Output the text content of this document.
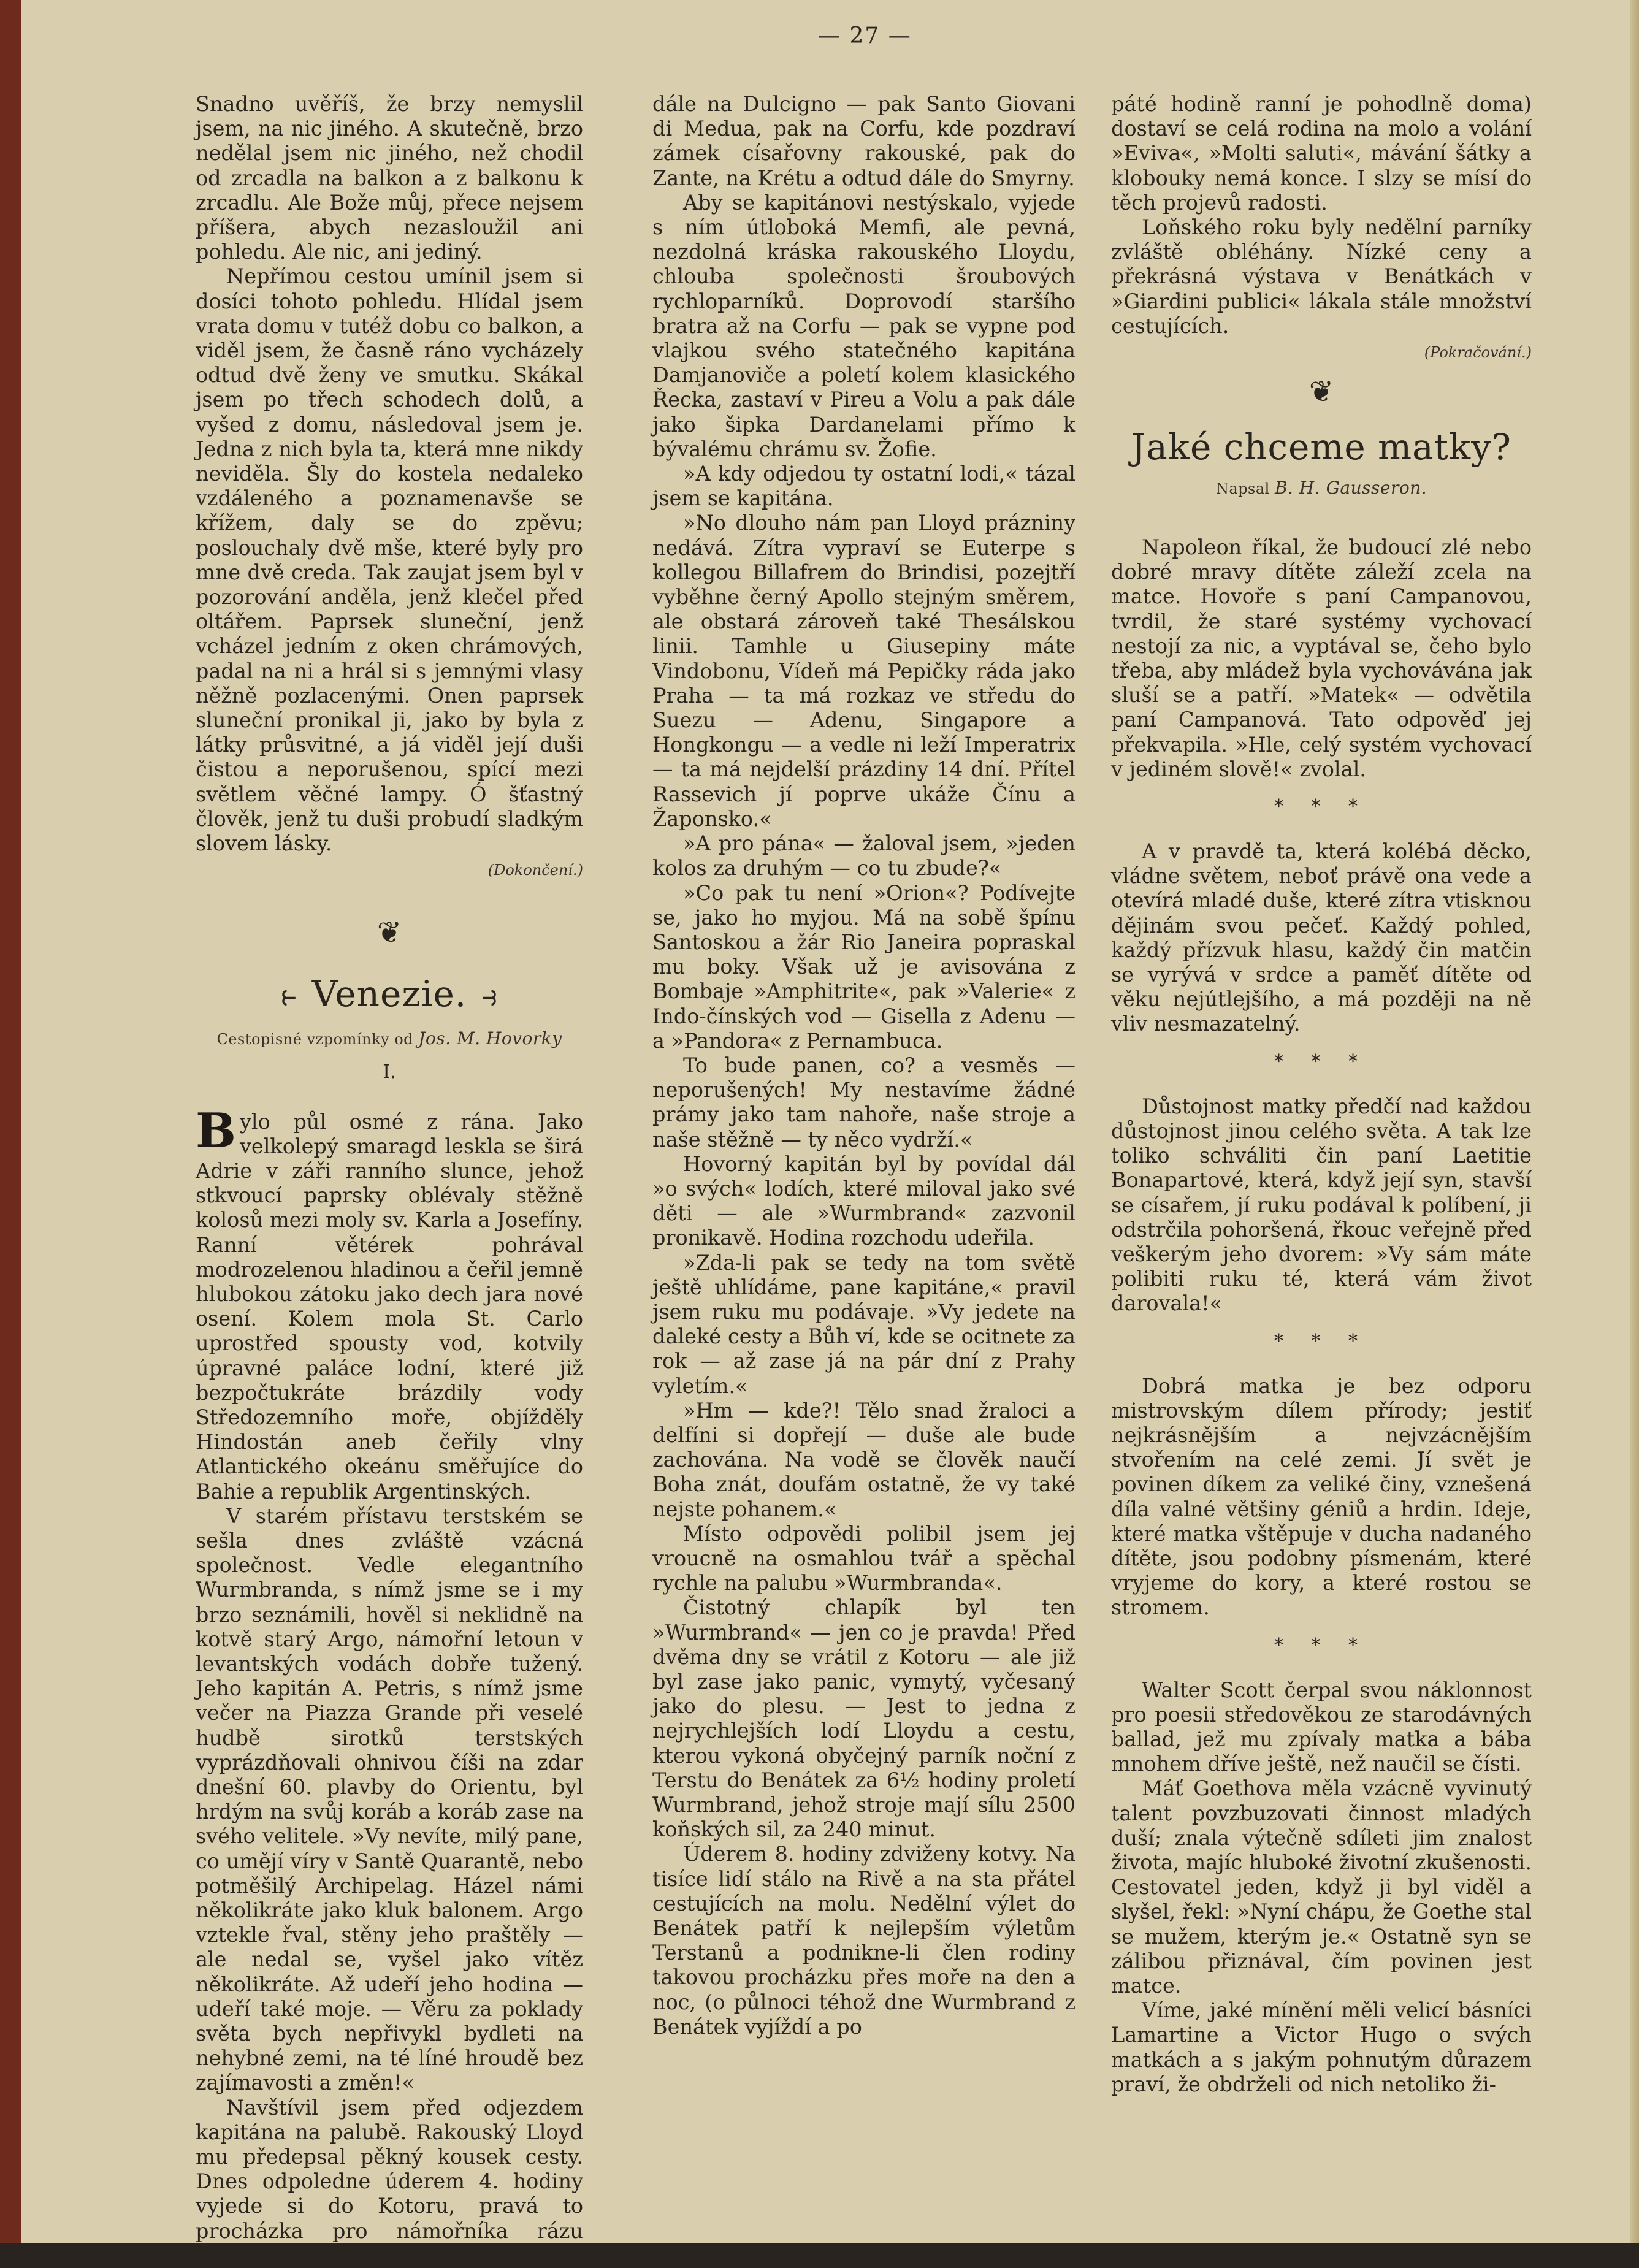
— 27 —

Snadno uvěříš, že brzy nemyslil jsem, na nic jiného. A skutečně, brzo nedělal jsem nic jiného, než chodil od zrcadla na balkon a z balkonu k zrcadlu. Ale Bože můj, přece nejsem příšera, abych nezasloužil ani pohledu. Ale nic, ani jediný.

Nepřímou cestou umínil jsem si dosíci tohoto pohledu. Hlídal jsem vrata domu v tutéž dobu co balkon, a viděl jsem, že časně ráno vycházely odtud dvě ženy ve smutku. Skákal jsem po třech schodech dolů, a vyšed z domu, následoval jsem je. Jedna z nich byla ta, která mne nikdy neviděla. Šly do kostela nedaleko vzdáleného a poznamenavše se křížem, daly se do zpěvu; poslouchaly dvě mše, které byly pro mne dvě creda. Tak zaujat jsem byl v pozorování anděla, jenž klečel před oltářem. Paprsek sluneční, jenž vcházel jedním z oken chrámových, padal na ni a hrál si s jemnými vlasy něžně pozlacenými. Onen paprsek sluneční pronikal ji, jako by byla z látky průsvitné, a já viděl její duši čistou a neporušenou, spící mezi světlem věčné lampy. Ó šťastný člověk, jenž tu duši probudí sladkým slovem lásky.

(Dokončení.)
❦
⥼ Venezie. ⥽
Cestopisné vzpomínky od Jos. M. Hovorky
I.

Bylo půl osmé z rána. Jako velkolepý smaragd leskla se širá Adrie v záři ranního slunce, jehož stkvoucí paprsky oblévaly stěžně kolosů mezi moly sv. Karla a Josefíny. Ranní větérek pohrával modrozelenou hladinou a čeřil jemně hlubokou zátoku jako dech jara nové osení. Kolem mola St. Carlo uprostřed spousty vod, kotvily úpravné paláce lodní, které již bezpočtukráte brázdily vody Středozemního moře, objížděly Hindostán aneb čeřily vlny Atlantického okeánu směřujíce do Bahie a republik Argentinských.

V starém přístavu terstském se sešla dnes zvláště vzácná společnost. Vedle elegantního Wurmbranda, s nímž jsme se i my brzo seznámili, hověl si neklidně na kotvě starý Argo, námořní letoun v levantských vodách dobře tužený. Jeho kapitán A. Petris, s nímž jsme večer na Piazza Grande při veselé hudbě sirotků terstských vyprázdňovali ohnivou číši na zdar dnešní 60. plavby do Orientu, byl hrdým na svůj koráb a koráb zase na svého velitele. »Vy nevíte, milý pane, co umějí víry v Santě Quarantě, nebo potměšilý Archipelag. Házel námi několikráte jako kluk balonem. Argo vztekle řval, stěny jeho praštěly — ale nedal se, vyšel jako vítěz několikráte. Až udeří jeho hodina — udeří také moje. — Věru za poklady světa bych nepřivykl bydleti na nehybné zemi, na té líné hroudě bez zajímavosti a změn!«

Navštívil jsem před odjezdem kapitána na palubě. Rakouský Lloyd mu předepsal pěkný kousek cesty. Dnes odpoledne úderem 4. hodiny vyjede si do Kotoru, pravá to procházka pro námořníka rázu Petrisova, pak trochu

dále na Dulcigno — pak Santo Giovani di Medua, pak na Corfu, kde pozdraví zámek císařovny rakouské, pak do Zante, na Krétu a odtud dále do Smyrny.

Aby se kapitánovi nestýskalo, vyjede s ním útloboká Memfi, ale pevná, nezdolná kráska rakouského Lloydu, chlouba společnosti šroubových rychloparníků. Doprovodí staršího bratra až na Corfu — pak se vypne pod vlajkou svého statečného kapitána Damjanoviče a poletí kolem klasického Řecka, zastaví v Pireu a Volu a pak dále jako šipka Dardanelami přímo k bývalému chrámu sv. Žofie.

»A kdy odjedou ty ostatní lodi,« tázal jsem se kapitána.

»No dlouho nám pan Lloyd prázniny nedává. Zítra vypraví se Euterpe s kollegou Billafrem do Brindisi, pozejtří vyběhne černý Apollo stejným směrem, ale obstará zároveň také Thesálskou linii. Tamhle u Giusepiny máte Vindobonu, Vídeň má Pepičky ráda jako Praha — ta má rozkaz ve středu do Suezu — Adenu, Singapore a Hongkongu — a vedle ni leží Imperatrix — ta má nejdelší prázdiny 14 dní. Přítel Rassevich jí poprve ukáže Čínu a Žaponsko.«

»A pro pána« — žaloval jsem, »jeden kolos za druhým — co tu zbude?«

»Co pak tu není »Orion«? Podívejte se, jako ho myjou. Má na sobě špínu Santoskou a žár Rio Janeira popraskal mu boky. Však už je avisována z Bombaje »Amphitrite«, pak »Valerie« z Indo-čínských vod — Gisella z Adenu — a »Pandora« z Pernambuca.

To bude panen, co? a vesměs — neporušených! My nestavíme žádné prámy jako tam nahoře, naše stroje a naše stěžně — ty něco vydrží.«

Hovorný kapitán byl by povídal dál »o svých« lodích, které miloval jako své děti — ale »Wurmbrand« zazvonil pronikavě. Hodina rozchodu udeřila.

»Zda-li pak se tedy na tom světě ještě uhlídáme, pane kapitáne,« pravil jsem ruku mu podávaje. »Vy jedete na daleké cesty a Bůh ví, kde se ocitnete za rok — až zase já na pár dní z Prahy vyletím.«

»Hm — kde?! Tělo snad žraloci a delfíni si dopřejí — duše ale bude zachována. Na vodě se člověk naučí Boha znát, doufám ostatně, že vy také nejste pohanem.«

Místo odpovědi polibil jsem jej vroucně na osmahlou tvář a spěchal rychle na palubu »Wurmbranda«.

Čistotný chlapík byl ten »Wurmbrand« — jen co je pravda! Před dvěma dny se vrátil z Kotoru — ale již byl zase jako panic, vymytý, vyčesaný jako do plesu. — Jest to jedna z nejrychlejších lodí Lloydu a cestu, kterou vykoná obyčejný parník noční z Terstu do Benátek za 6½ hodiny proletí Wurmbrand, jehož stroje mají sílu 2500 koňských sil, za 240 minut.

Úderem 8. hodiny zdviženy kotvy. Na tisíce lidí stálo na Rivě a na sta přátel cestujících na molu. Nedělní výlet do Benátek patří k nejlepším výletům Terstanů a podnikne-li člen rodiny takovou procházku přes moře na den a noc, (o půlnoci téhož dne Wurmbrand z Benátek vyjíždí a po

páté hodině ranní je pohodlně doma) dostaví se celá rodina na molo a volání »Eviva«, »Molti saluti«, mávání šátky a klobouky nemá konce. I slzy se mísí do těch projevů radosti.

Loňského roku byly nedělní parníky zvláště obléhány. Nízké ceny a překrásná výstava v Benátkách v »Giardini publici« lákala stále množství cestujících.

(Pokračování.)
❦
Jaké chceme matky?
Napsal B. H. Gausseron.

Napoleon říkal, že budoucí zlé nebo dobré mravy dítěte záleží zcela na matce. Hovoře s paní Campanovou, tvrdil, že staré systémy vychovací nestojí za nic, a vyptával se, čeho bylo třeba, aby mládež byla vychovávána jak sluší se a patří. »Matek« — odvětila paní Campanová. Tato odpověď jej překvapila. »Hle, celý systém vychovací v jediném slově!« zvolal.

* * *

A v pravdě ta, která kolébá děcko, vládne světem, neboť právě ona vede a otevírá mladé duše, které zítra vtisknou dějinám svou pečeť. Každý pohled, každý přízvuk hlasu, každý čin matčin se vyrývá v srdce a paměť dítěte od věku nejútlejšího, a má později na ně vliv nesmazatelný.

* * *

Důstojnost matky předčí nad každou důstojnost jinou celého světa. A tak lze toliko schváliti čin paní Laetitie Bonapartové, která, když její syn, stavší se císařem, jí ruku podával k políbení, ji odstrčila pohoršená, řkouc veřejně před veškerým jeho dvorem: »Vy sám máte polibiti ruku té, která vám život darovala!«

* * *

Dobrá matka je bez odporu mistrovským dílem přírody; jestiť nejkrásnějším a nejvzácnějším stvořením na celé zemi. Jí svět je povinen díkem za veliké činy, vznešená díla valné většiny géniů a hrdin. Ideje, které matka vštěpuje v ducha nadaného dítěte, jsou podobny písmenám, které vryjeme do kory, a které rostou se stromem.

* * *

Walter Scott čerpal svou náklonnost pro poesii středověkou ze starodávných ballad, jež mu zpívaly matka a bába mnohem dříve ještě, než naučil se čísti.

Máť Goethova měla vzácně vyvinutý talent povzbuzovati činnost mladých duší; znala výtečně sdíleti jim znalost života, majíc hluboké životní zkušenosti. Cestovatel jeden, když ji byl viděl a slyšel, řekl: »Nyní chápu, že Goethe stal se mužem, kterým je.« Ostatně syn se zálibou přiznával, čím povinen jest matce.

Víme, jaké mínění měli velicí básníci Lamartine a Victor Hugo o svých matkách a s jakým pohnutým důrazem praví, že obdrželi od nich netoliko ži-
